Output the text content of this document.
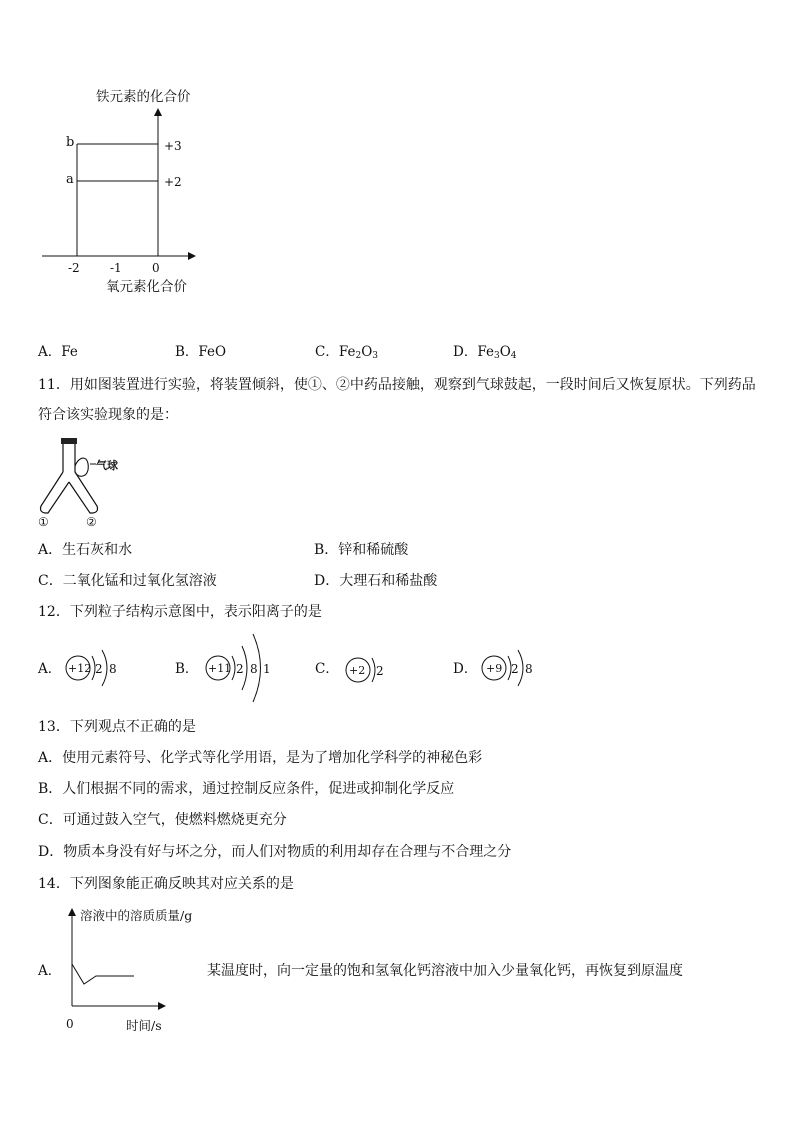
铁元素的化合价
+3
+2
b
a
-2	-1	0
氧元素化合价
A．Fe	B．FeO	C．$Fe_2O_3$	D．$Fe_3O_4$
11．用如图装置进行实验，将装置倾斜，使①、②中药品接触，观察到气球鼓起，一段时间后又恢复原状。下列药品
符合该实验现象的是：
气球
①	②
A．生石灰和水	B．锌和稀硫酸
C．二氧化锰和过氧化氢溶液	D．大理石和稀盐酸
12．下列粒子结构示意图中，表示阳离子的是
A． +12 2 8	B． +11 2 8 1	C． +2 2	D． +9 2 8
13．下列观点不正确的是
A．使用元素符号、化学式等化学用语，是为了增加化学科学的神秘色彩
B．人们根据不同的需求，通过控制反应条件，促进或抑制化学反应
C．可通过鼓入空气，使燃料燃烧更充分
D．物质本身没有好与坏之分，而人们对物质的利用却存在合理与不合理之分
14．下列图象能正确反映其对应关系的是
A．
溶液中的溶质质量/g
0	时间/s
某温度时，向一定量的饱和氢氧化钙溶液中加入少量氧化钙，再恢复到原温度
